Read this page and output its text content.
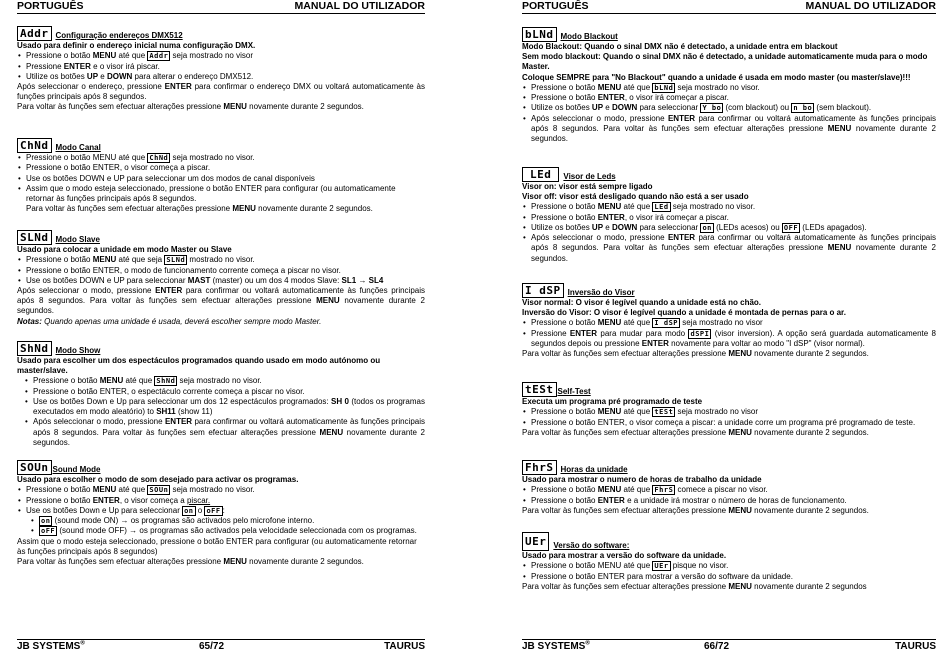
PORTUGUÊS	MANUAL DO UTILIZADOR
Addr Configuração endereços DMX512

Usado para definir o endereço inicial numa configuração DMX.

• Pressione o botão MENU até que Addr seja mostrado no visor
• Pressione ENTER e o visor irá piscar.
• Utilize os botões UP e DOWN para alterar o endereço DMX512.

Após seleccionar o endereço, pressione ENTER para confirmar o endereço DMX ou voltará automaticamente às funções principais após 8 segundos.

Para voltar às funções sem efectuar alterações pressione MENU novamente durante 2 segundos.

ChNd Modo Canal
• Pressione o botão MENU até que ChNd seja mostrado no visor.
• Pressione o botão ENTER, o visor começa a piscar.
• Use os botões DOWN e UP para seleccionar um dos modos de canal disponíveis
• Assim que o modo esteja seleccionado, pressione o botão ENTER para configurar (ou automaticamente retornar às funções principais após 8 segundos.

Para voltar às funções sem efectuar alterações pressione MENU novamente durante 2 segundos.

SLNd Modo Slave

Usado para colocar a unidade em modo Master ou Slave

• Pressione o botão MENU até que seja SLNd mostrado no visor.
• Pressione o botão ENTER, o modo de funcionamento corrente começa a piscar no visor.
• Use os botões DOWN e UP para seleccionar MAST (master) ou um dos 4 modos Slave: SL1 → SL4

Após seleccionar o modo, pressione ENTER para confirmar ou voltará automaticamente às funções principais após 8 segundos. Para voltar às funções sem efectuar alterações pressione MENU novamente durante 2 segundos.

Notas: Quando apenas uma unidade é usada, deverá escolher sempre modo Master.

ShNd Modo Show

Usado para escolher um dos espectáculos programados quando usado em modo autónomo ou master/slave.

• Pressione o botão MENU até que ShNd seja mostrado no visor.
• Pressione o botão ENTER, o espectáculo corrente começa a piscar no visor.
• Use os botões Down e Up para seleccionar um dos 12 espectáculos programados: SH 0 (todos os programas executados em modo aleatório) to SH11 (show 11)
• Após seleccionar o modo, pressione ENTER para confirmar ou voltará automaticamente às funções principais após 8 segundos. Para voltar às funções sem efectuar alterações pressione MENU novamente durante 2 segundos.
SOUn Sound Mode

Usado para escolher o modo de som desejado para activar os programas.

• Pressione o botão MENU até que SOUn seja mostrado no visor.
• Pressione o botão ENTER, o visor começa a piscar.
• Use os botões Down e Up para seleccionar on o oFF :
• on (sound mode ON) → os programas são activados pelo microfone interno.
• oFF (sound mode OFF) → os programas são activados pela velocidade seleccionada com os programas.

Assim que o modo esteja seleccionado, pressione o botão ENTER para configurar (ou automaticamente retornar às funções principais após 8 segundos)

Para voltar às funções sem efectuar alterações pressione MENU novamente durante 2 segundos.

JB SYSTEMS®	65/72	TAURUS
PORTUGUÊS	MANUAL DO UTILIZADOR
bLNd Modo Blackout

Modo Blackout: Quando o sinal DMX não é detectado, a unidade entra em blackout

Sem modo blackout: Quando o sinal DMX não é detectado, a unidade automaticamente muda para o modo Master.

Coloque SEMPRE para "No Blackout" quando a unidade é usada em modo master (ou master/slave)!!!

• Pressione o botão MENU até que bLNd seja mostrado no visor.
• Pressione o botão ENTER, o visor irá começar a piscar.
• Utilize os botões UP e DOWN para seleccionar Y bo (com blackout) ou n bo (sem blackout).
• Após seleccionar o modo, pressione ENTER para confirmar ou voltará automaticamente às funções principais após 8 segundos. Para voltar às funções sem efectuar alterações pressione MENU novamente durante 2 segundos.
LEd	Visor de Leds

Visor on: visor está sempre ligado

Visor off: visor está desligado quando não está a ser usado

• Pressione o botão MENU até que LEd seja mostrado no visor.
• Pressione o botão ENTER, o visor irá começar a piscar.
• Utilize os botões UP e DOWN para seleccionar on (LEDs acesos) ou OFF (LEDs apagados).
• Após seleccionar o modo, pressione ENTER para confirmar ou voltará automaticamente às funções principais após 8 segundos. Para voltar às funções sem efectuar alterações pressione MENU novamente durante 2 segundos.
I dSP Inversão do Visor

Visor normal: O visor é legível quando a unidade está no chão.

Inversão do Visor: O visor é legível quando a unidade é montada de pernas para o ar.

• Pressione o botão MENU até que I dSP seja mostrado no visor
• Pressione ENTER para mudar para modo dSPI (visor inversion). A opção será guardada automaticamente 8 segundos depois ou pressione ENTER novamente para voltar ao modo "I dSP" (visor normal).

Para voltar às funções sem efectuar alterações pressione MENU novamente durante 2 segundos.

tESt Self-Test

Executa um programa pré programado de teste

• Pressione o botão MENU até que tESt seja mostrado no visor
• Pressione o botão ENTER, o visor começa a piscar: a unidade corre um programa pré programado de teste.

Para voltar às funções sem efectuar alterações pressione MENU novamente durante 2 segundos.

FhrS Horas da unidade

Usado para mostrar o numero de horas de trabalho da unidade

• Pressione o botão MENU até que FhrS comece a piscar no visor.
• Pressione o botão ENTER e a unidade irá mostrar o número de horas de funcionamento.

Para voltar às funções sem efectuar alterações pressione MENU novamente durante 2 segundos.

UEr Versão do software:

Usado para mostrar a versão do software da unidade.

• Pressione o botão MENU até que UEr pisque no visor.
• Pressione o botão ENTER para mostrar a versão do software da unidade.

Para voltar às funções sem efectuar alterações pressione MENU novamente durante 2 segundos

JB SYSTEMS®	66/72	TAURUS
